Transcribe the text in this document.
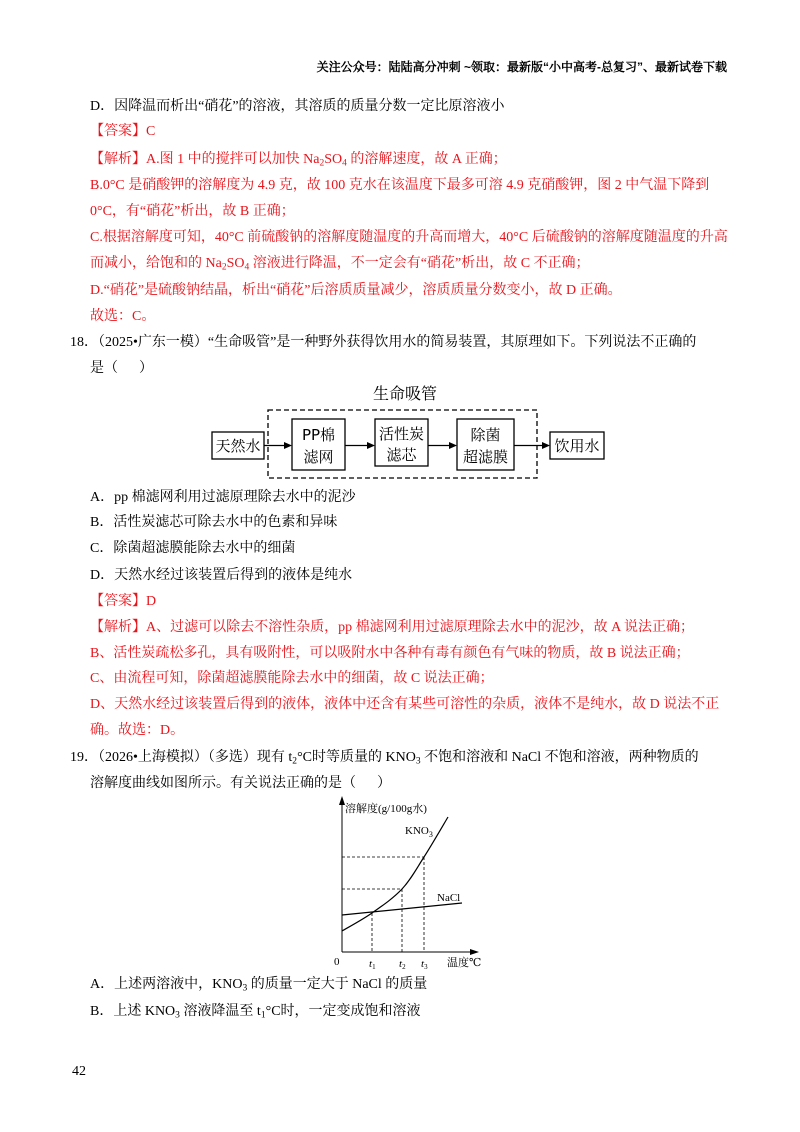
关注公众号：陆陆高分冲刺 ~领取：最新版“小中高考-总复习”、最新试卷下载
D．因降温而析出“硝花”的溶液，其溶质的质量分数一定比原溶液小
【答案】C
【解析】A.图 1 中的搅拌可以加快 $Na_2SO_4$ 的溶解速度，故 A 正确；
B.0°C 是硝酸钾的溶解度为 4.9 克，故 100 克水在该温度下最多可溶 4.9 克硝酸钾，图 2 中气温下降到
0°C，有“硝花”析出，故 B 正确；
C.根据溶解度可知，40°C 前硫酸钠的溶解度随温度的升高而增大，40°C 后硫酸钠的溶解度随温度的升高
而减小，给饱和的 $Na_2SO_4$ 溶液进行降温，不一定会有“硝花”析出，故 C 不正确；
D.“硝花”是硫酸钠结晶，析出“硝花”后溶质质量减少，溶质质量分数变小，故 D 正确。
故选：C。
18．（2025•广东一模）“生命吸管”是一种野外获得饮用水的简易装置，其原理如下。下列说法不正确的
是（      ）
生命吸管
天然水
PP棉
滤网
活性炭
滤芯
除菌
超滤膜
饮用水
A．pp 棉滤网利用过滤原理除去水中的泥沙
B．活性炭滤芯可除去水中的色素和异味
C．除菌超滤膜能除去水中的细菌
D．天然水经过该装置后得到的液体是纯水
【答案】D
【解析】A、过滤可以除去不溶性杂质，pp 棉滤网利用过滤原理除去水中的泥沙，故 A 说法正确；
B、活性炭疏松多孔，具有吸附性，可以吸附水中各种有毒有颜色有气味的物质，故 B 说法正确；
C、由流程可知，除菌超滤膜能除去水中的细菌，故 C 说法正确；
D、天然水经过该装置后得到的液体，液体中还含有某些可溶性的杂质，液体不是纯水，故 D 说法不正
确。故选：D。
19．（2026•上海模拟）（多选）现有 $t_2^\circ C$时等质量的 $KNO_3$ 不饱和溶液和 NaCl 不饱和溶液，两种物质的
溶解度曲线如图所示。有关说法正确的是（      ）
溶解度(g/100g水)
$KNO_3$
NaCl
0	t1 t2 t3 温度℃
A．上述两溶液中，$KNO_3$ 的质量一定大于 NaCl 的质量
B．上述 $KNO_3$ 溶液降温至 $t_1^\circ C$时，一定变成饱和溶液
42
